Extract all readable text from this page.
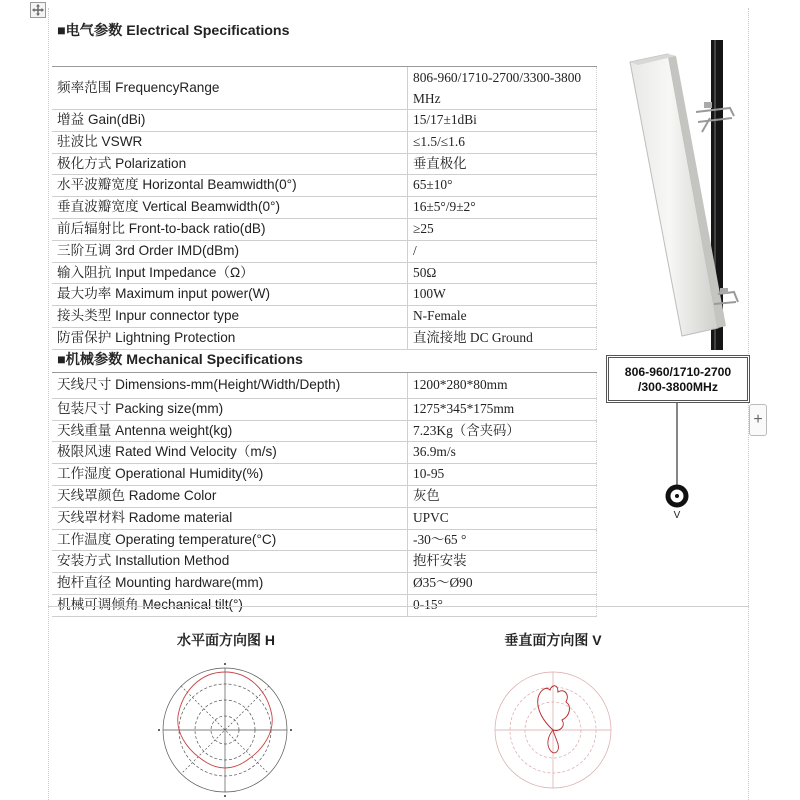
■电气参数 Electrical Specifications	
频率范围 FrequencyRange	806-960/1710-2700/3300-3800MHz
增益 Gain(dBi)	15/17±1dBi
驻波比 VSWR	≤1.5/≤1.6
极化方式 Polarization	垂直极化
水平波瓣宽度 Horizontal Beamwidth(0°)	65±10°
垂直波瓣宽度 Vertical Beamwidth(0°)	16±5°/9±2°
前后辐射比 Front-to-back ratio(dB)	≥25
三阶互调 3rd Order IMD(dBm)	/
输入阻抗 Input Impedance（Ω）	50Ω
最大功率 Maximum input power(W)	100W
接头类型 Inpur connector type	N-Female
防雷保护 Lightning Protection	直流接地 DC Ground
■机械参数 Mechanical Specifications	
天线尺寸 Dimensions-mm(Height/Width/Depth)	1200*280*80mm
包装尺寸 Packing size(mm)	1275*345*175mm
天线重量 Antenna weight(kg)	7.23Kg（含夹码）
极限风速 Rated Wind Velocity（m/s)	36.9m/s
工作湿度 Operational Humidity(%)	10-95
天线罩颜色 Radome Color	灰色
天线罩材料 Radome material	UPVC
工作温度 Operating temperature(°C)	-30～65 °
安装方式 Installution Method	抱杆安装
抱杆直径 Mounting hardware(mm)	Ø35～Ø90
机械可调倾角 Mechanical tilt(°)	0-15°
806-960/1710-2700
/300-3800MHz
+
V
水平面方向图 H	垂直面方向图 V
